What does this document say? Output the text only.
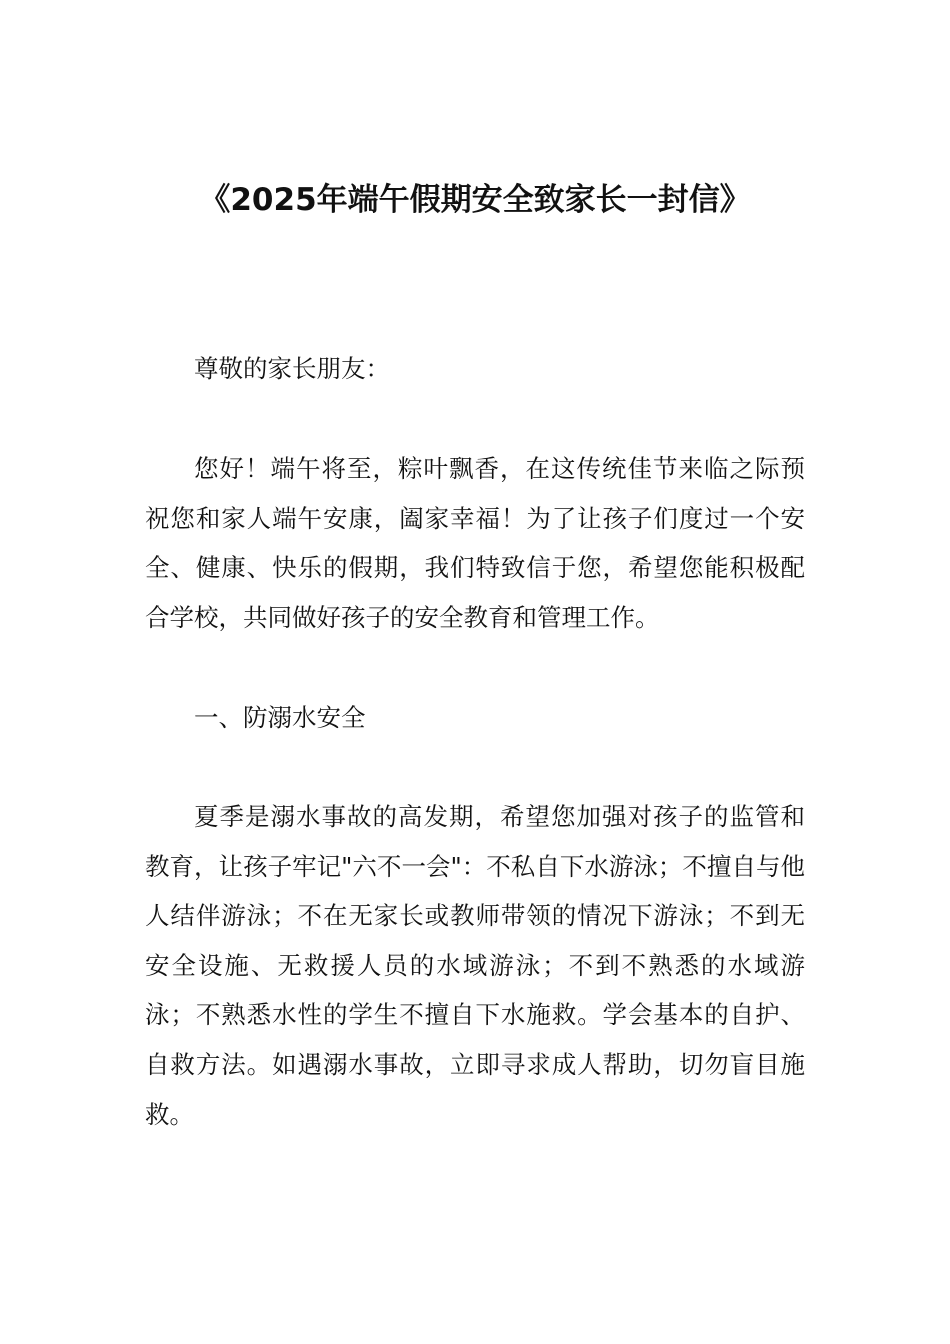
《2025年端午假期安全致家长一封信》

尊敬的家长朋友：

您好！端午将至，粽叶飘香，在这传统佳节来临之际预祝您和家人端午安康，阖家幸福！为了让孩子们度过一个安全、健康、快乐的假期，我们特致信于您，希望您能积极配合学校，共同做好孩子的安全教育和管理工作。

一、防溺水安全

夏季是溺水事故的高发期，希望您加强对孩子的监管和教育，让孩子牢记"六不一会"：不私自下水游泳；不擅自与他人结伴游泳；不在无家长或教师带领的情况下游泳；不到无安全设施、无救援人员的水域游泳；不到不熟悉的水域游泳；不熟悉水性的学生不擅自下水施救。学会基本的自护、自救方法。如遇溺水事故，立即寻求成人帮助，切勿盲目施救。
